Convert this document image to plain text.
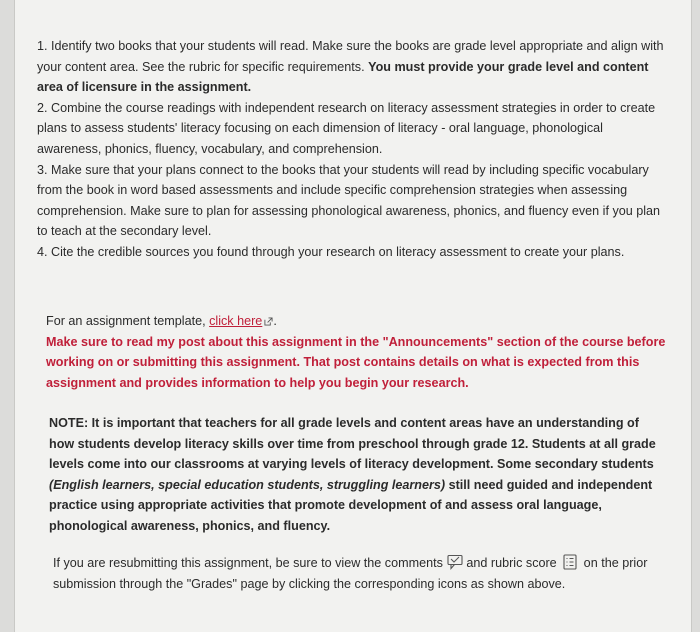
1. Identify two books that your students will read. Make sure the books are grade level appropriate and align with your content area. See the rubric for specific requirements. You must provide your grade level and content area of licensure in the assignment.

2. Combine the course readings with independent research on literacy assessment strategies in order to create plans to assess students' literacy focusing on each dimension of literacy - oral language, phonological awareness, phonics, fluency, vocabulary, and comprehension.

3. Make sure that your plans connect to the books that your students will read by including specific vocabulary from the book in word based assessments and include specific comprehension strategies when assessing comprehension. Make sure to plan for assessing phonological awareness, phonics, and fluency even if you plan to teach at the secondary level.

4. Cite the credible sources you found through your research on literacy assessment to create your plans.

For an assignment template, click here .

Make sure to read my post about this assignment in the "Announcements" section of the course before working on or submitting this assignment. That post contains details on what is expected from this assignment and provides information to help you begin your research.

NOTE: It is important that teachers for all grade levels and content areas have an understanding of how students develop literacy skills over time from preschool through grade 12. Students at all grade levels come into our classrooms at varying levels of literacy development. Some secondary students (English learners, special education students, struggling learners) still need guided and independent practice using appropriate activities that promote development of and assess oral language, phonological awareness, phonics, and fluency.

If you are resubmitting this assignment, be sure to view the comments and rubric score  on the prior submission through the "Grades" page by clicking the corresponding icons as shown above.
